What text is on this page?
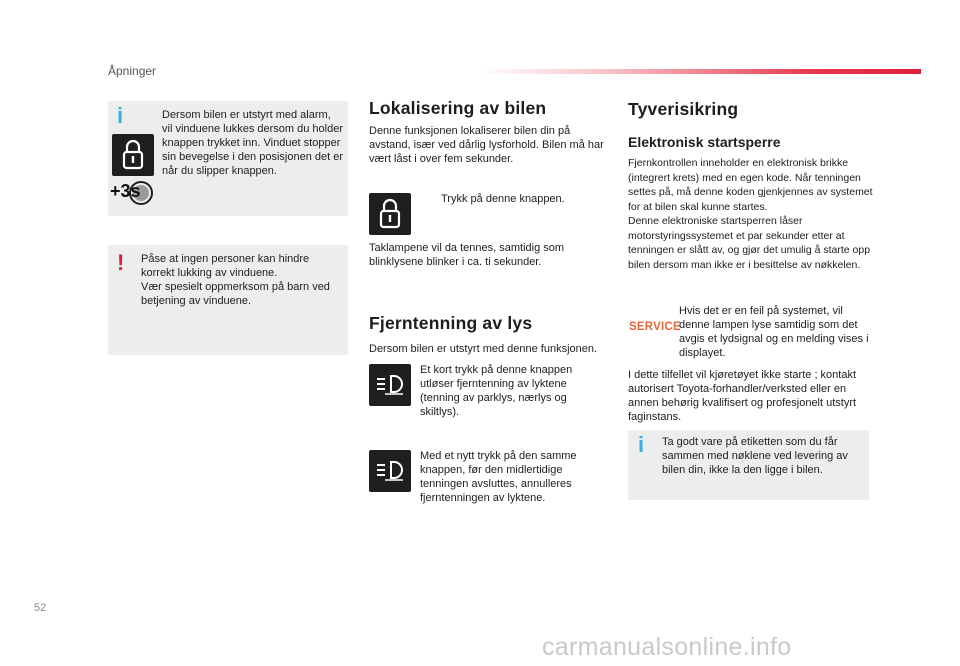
Åpninger
i
+3s
Dersom bilen er utstyrt med alarm, vil vinduene lukkes dersom du holder knappen trykket inn. Vinduet stopper sin bevegelse i den posisjonen det er når du slipper knappen.
! Påse at ingen personer kan hindre korrekt lukking av vinduene.

Vær spesielt oppmerksom på barn ved betjening av vinduene.

Lokalisering av bilen
Denne funksjonen lokaliserer bilen din på avstand, især ved dårlig lysforhold. Bilen må har vært låst i over fem sekunder.
Trykk på denne knappen.
Taklampene vil da tennes, samtidig som blinklysene blinker i ca. ti sekunder.
Fjerntenning av lys
Dersom bilen er utstyrt med denne funksjonen.
Et kort trykk på denne knappen utløser fjerntenning av lyktene (tenning av parklys, nærlys og skiltlys).
Med et nytt trykk på den samme knappen, før den midlertidige tenningen avsluttes, annulleres fjerntenningen av lyktene.
Tyverisikring
Elektronisk startsperre

Fjernkontrollen inneholder en elektronisk brikke (integrert krets) med en egen kode. Når tenningen settes på, må denne koden gjenkjennes av systemet for at bilen skal kunne startes.

Denne elektroniske startsperren låser motorstyringssystemet et par sekunder etter at tenningen er slått av, og gjør det umulig å starte opp bilen dersom man ikke er i besittelse av nøkkelen.

SERVICE
Hvis det er en feil på systemet, vil denne lampen lyse samtidig som det avgis et lydsignal og en melding vises i displayet.
I dette tilfellet vil kjøretøyet ikke starte ; kontakt autorisert Toyota-forhandler/verksted eller en annen behørig kvalifisert og profesjonelt utstyrt faginstans.
i Ta godt vare på etiketten som du får sammen med nøklene ved levering av bilen din, ikke la den ligge i bilen.
52
carmanualsonline.info
